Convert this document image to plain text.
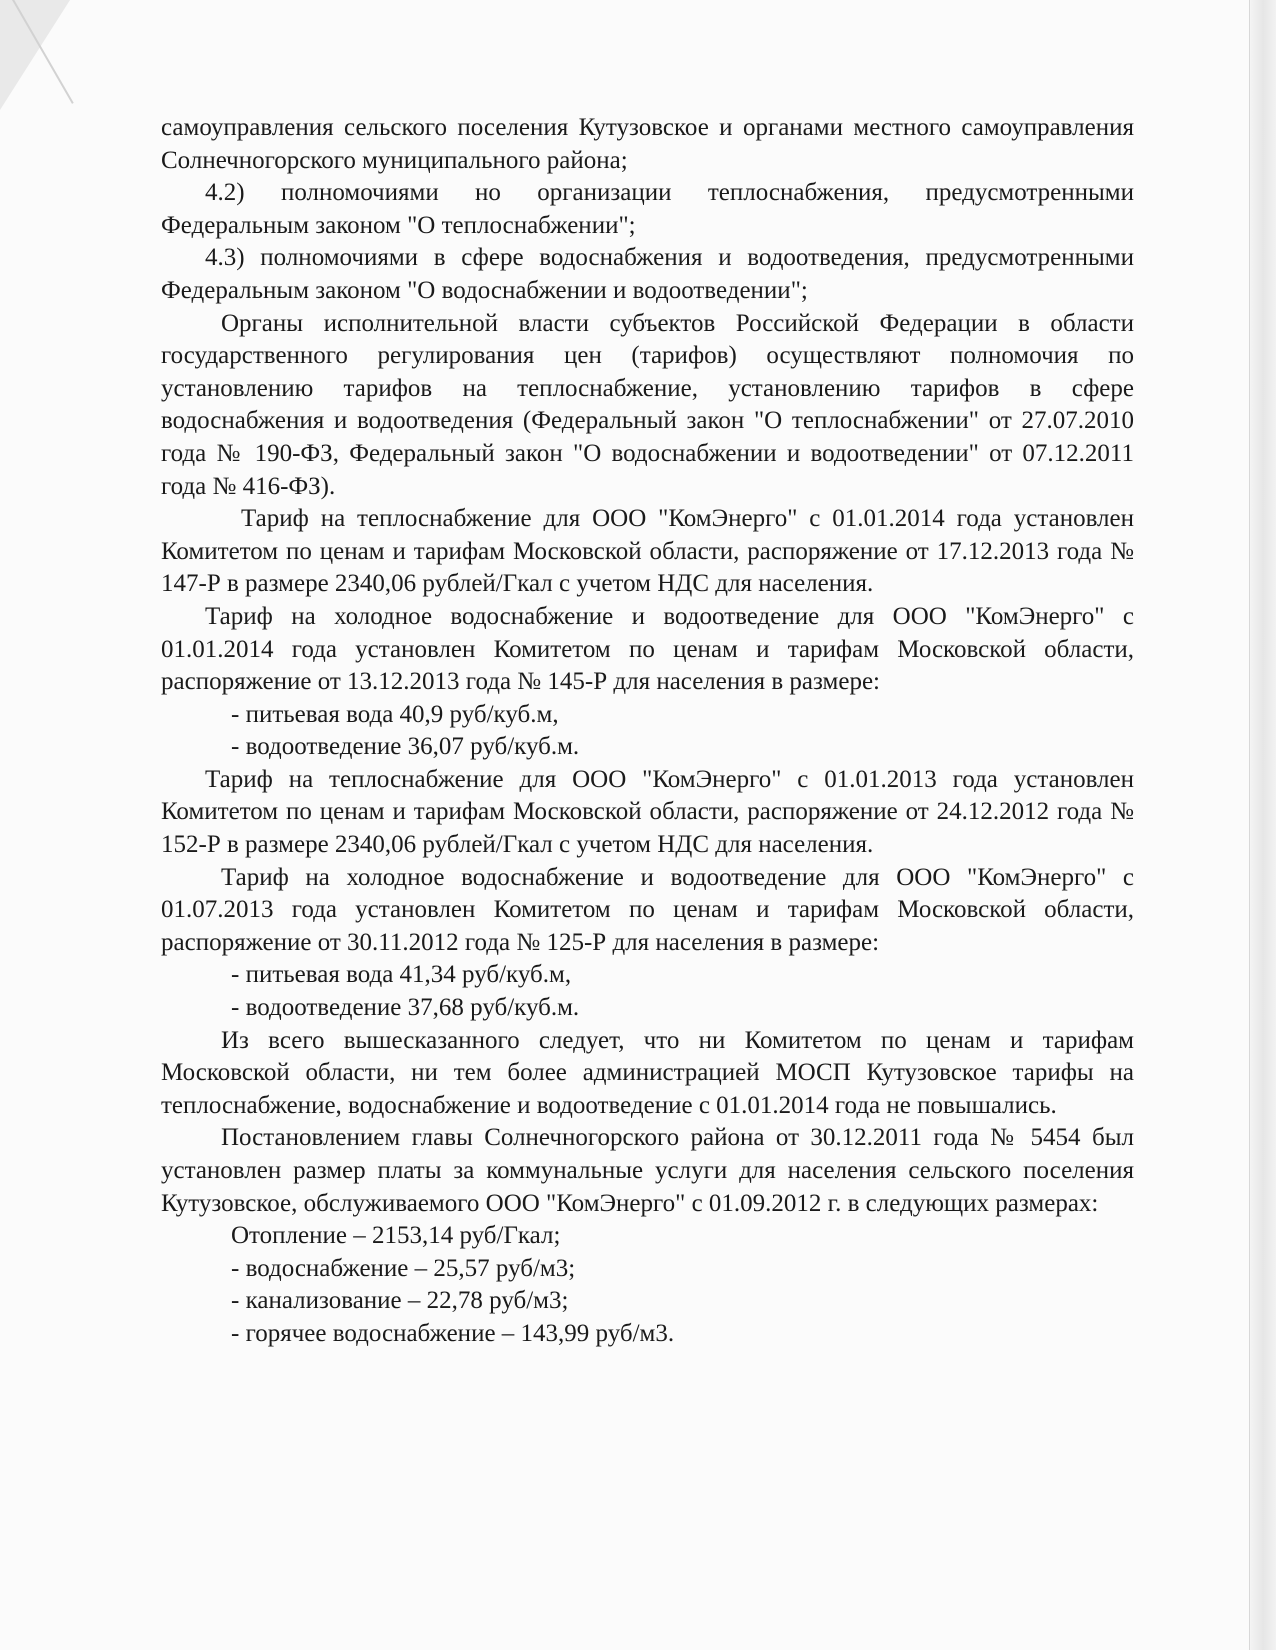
самоуправления сельского поселения Кутузовское и органами местного самоуправления Солнечногорского муниципального района;

4.2) полномочиями но организации теплоснабжения, предусмотренными Федеральным законом "О теплоснабжении";

4.3) полномочиями в сфере водоснабжения и водоотведения, предусмотренными Федеральным законом "О водоснабжении и водоотведении";

Органы исполнительной власти субъектов Российской Федерации в области государственного регулирования цен (тарифов) осуществляют полномочия по установлению тарифов на теплоснабжение, установлению тарифов в сфере водоснабжения и водоотведения (Федеральный закон "О теплоснабжении" от 27.07.2010 года № 190-ФЗ, Федеральный закон "О водоснабжении и водоотведении" от 07.12.2011 года № 416-ФЗ).

Тариф на теплоснабжение для ООО "КомЭнерго" с 01.01.2014 года установлен Комитетом по ценам и тарифам Московской области, распоряжение от 17.12.2013 года № 147-Р в размере 2340,06 рублей/Гкал с учетом НДС для населения.

Тариф на холодное водоснабжение и водоотведение для ООО "КомЭнерго" с 01.01.2014 года установлен Комитетом по ценам и тарифам Московской области, распоряжение от 13.12.2013 года № 145-Р для населения в размере:

- питьевая вода 40,9 руб/куб.м,

- водоотведение 36,07 руб/куб.м.

Тариф на теплоснабжение для ООО "КомЭнерго" с 01.01.2013 года установлен Комитетом по ценам и тарифам Московской области, распоряжение от 24.12.2012 года № 152-Р в размере 2340,06 рублей/Гкал с учетом НДС для населения.

Тариф на холодное водоснабжение и водоотведение для ООО "КомЭнерго" с 01.07.2013 года установлен Комитетом по ценам и тарифам Московской области, распоряжение от 30.11.2012 года № 125-Р для населения в размере:

- питьевая вода 41,34 руб/куб.м,

- водоотведение 37,68 руб/куб.м.

Из всего вышесказанного следует, что ни Комитетом по ценам и тарифам Московской области, ни тем более администрацией МОСП Кутузовское тарифы на теплоснабжение, водоснабжение и водоотведение с 01.01.2014 года не повышались.

Постановлением главы Солнечногорского района от 30.12.2011 года № 5454 был установлен размер платы за коммунальные услуги для населения сельского поселения Кутузовское, обслуживаемого ООО "КомЭнерго" с 01.09.2012 г. в следующих размерах:

Отопление – 2153,14 руб/Гкал;

- водоснабжение – 25,57 руб/м3;

- канализование – 22,78 руб/м3;

- горячее водоснабжение – 143,99 руб/м3.
